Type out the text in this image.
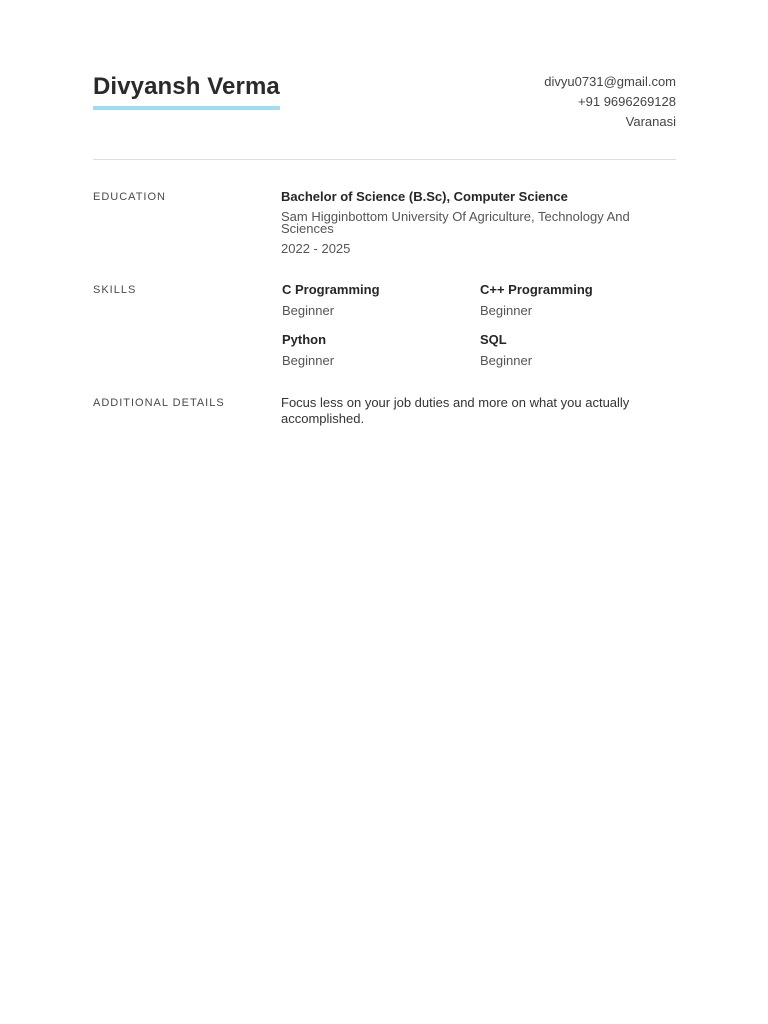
Divyansh Verma	divyu0731@gmail.com
+91 9696269128
Varanasi
EDUCATION	Bachelor of Science (B.Sc), Computer Science
Sam Higginbottom University Of Agriculture, Technology And Sciences
2022 - 2025
SKILLS	C Programming
Beginner
C++ Programming
Beginner
Python
Beginner
SQL
Beginner
ADDITIONAL DETAILS	Focus less on your job duties and more on what you actually accomplished.
